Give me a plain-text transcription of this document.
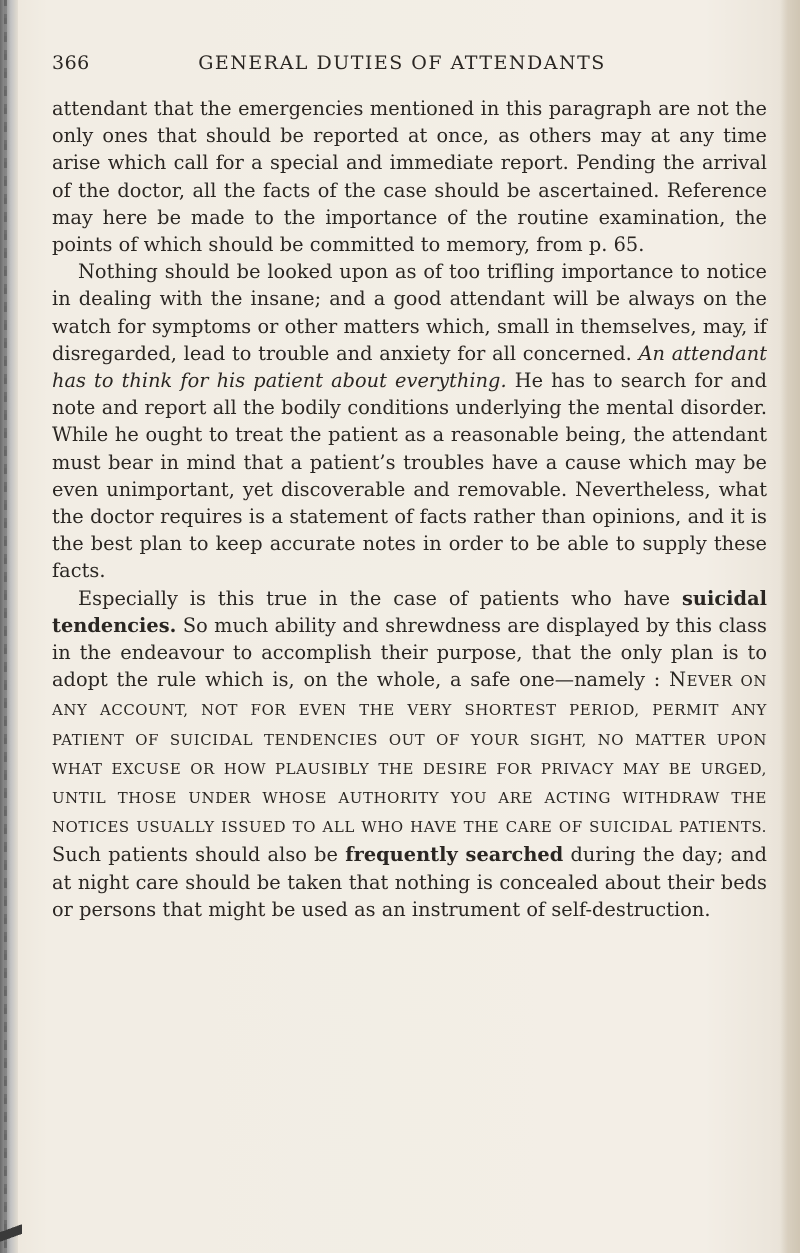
366	GENERAL DUTIES OF ATTENDANTS

attendant that the emergencies mentioned in this paragraph are not the only ones that should be reported at once, as others may at any time arise which call for a special and immediate report. Pending the arrival of the doctor, all the facts of the case should be ascertained. Reference may here be made to the importance of the routine examination, the points of which should be committed to memory, from p. 65.

Nothing should be looked upon as of too trifling importance to notice in dealing with the insane; and a good attendant will be always on the watch for symptoms or other matters which, small in themselves, may, if disregarded, lead to trouble and anxiety for all concerned. An attendant has to think for his patient about everything. He has to search for and note and report all the bodily conditions underlying the mental disorder. While he ought to treat the patient as a reasonable being, the attendant must bear in mind that a patient’s troubles have a cause which may be even unimportant, yet discoverable and removable. Nevertheless, what the doctor requires is a statement of facts rather than opinions, and it is the best plan to keep accurate notes in order to be able to supply these facts.

Especially is this true in the case of patients who have suicidal tendencies. So much ability and shrewdness are displayed by this class in the endeavour to accomplish their purpose, that the only plan is to adopt the rule which is, on the whole, a safe one—namely : NEVER ON ANY ACCOUNT, NOT FOR EVEN THE VERY SHORTEST PERIOD, PERMIT ANY PATIENT OF SUICIDAL TENDENCIES OUT OF YOUR SIGHT, NO MATTER UPON WHAT EXCUSE OR HOW PLAUSIBLY THE DESIRE FOR PRIVACY MAY BE URGED, UNTIL THOSE UNDER WHOSE AUTHORITY YOU ARE ACTING WITHDRAW THE NOTICES USUALLY ISSUED TO ALL WHO HAVE THE CARE OF SUICIDAL PATIENTS. Such patients should also be frequently searched during the day; and at night care should be taken that nothing is concealed about their beds or persons that might be used as an instrument of self-destruction.
